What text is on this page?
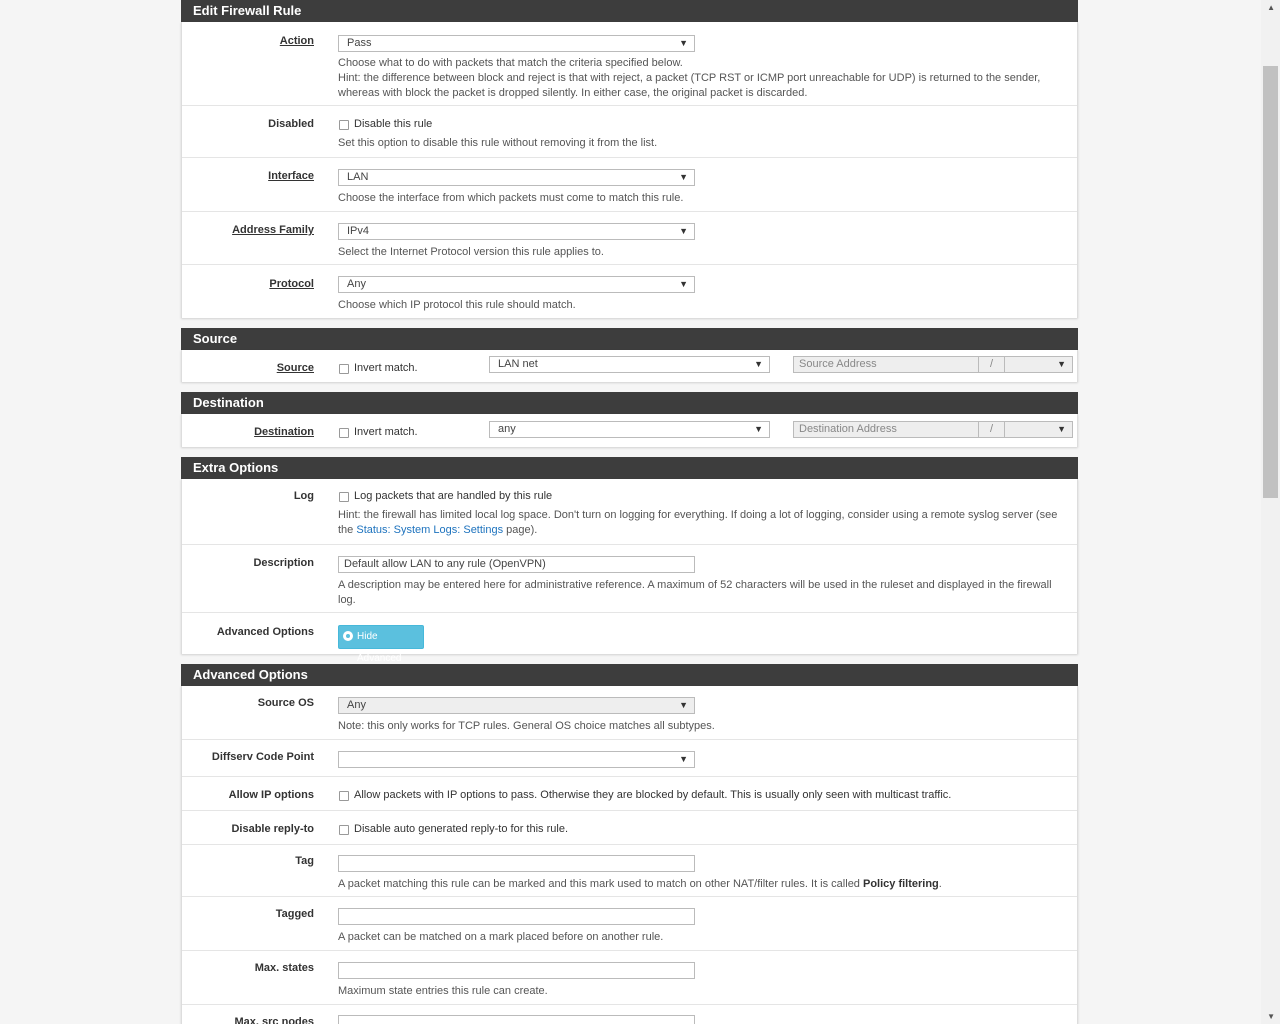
Edit Firewall Rule
Action	Pass	▼
Choose what to do with packets that match the criteria specified below.
Hint: the difference between block and reject is that with reject, a packet (TCP RST or ICMP port unreachable for UDP) is returned to the sender, whereas with block the packet is dropped silently. In either case, the original packet is discarded.
Disabled	Disable this rule
Set this option to disable this rule without removing it from the list.
Interface	LAN	▼
Choose the interface from which packets must come to match this rule.
Address Family	IPv4	▼
Select the Internet Protocol version this rule applies to.
Protocol	Any	▼
Choose which IP protocol this rule should match.
Source
Source	Invert match.	LAN net	▼	Source Address	/	▼
Destination
Destination	Invert match.	any	▼	Destination Address	/	▼
Extra Options
Log	Log packets that are handled by this rule
Hint: the firewall has limited local log space. Don't turn on logging for everything. If doing a lot of logging, consider using a remote syslog server (see the Status: System Logs: Settings page).
Description	Default allow LAN to any rule (OpenVPN)
A description may be entered here for administrative reference. A maximum of 52 characters will be used in the ruleset and displayed in the firewall log.
Advanced Options	Hide Advanced
Advanced Options
Source OS	Any	▼
Note: this only works for TCP rules. General OS choice matches all subtypes.
Diffserv Code Point	▼
Allow IP options	Allow packets with IP options to pass. Otherwise they are blocked by default. This is usually only seen with multicast traffic.
Disable reply-to	Disable auto generated reply-to for this rule.
Tag
A packet matching this rule can be marked and this mark used to match on other NAT/filter rules. It is called Policy filtering.
Tagged
A packet can be matched on a mark placed before on another rule.
Max. states
Maximum state entries this rule can create.
Max. src nodes
▲
▼
